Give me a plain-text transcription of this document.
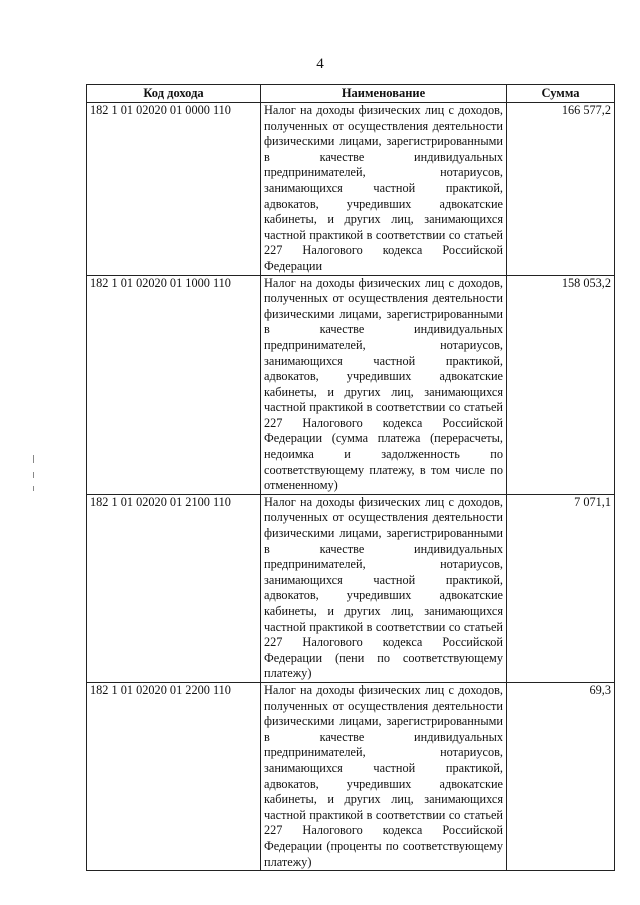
4
Код дохода	Наименование	Сумма
182 1 01 02020 01 0000 110	Налог на доходы физических лиц с доходов, полученных от осуществления деятельности физическими лицами, зарегистрированными в качестве индивидуальных предпринимателей, нотариусов, занимающихся частной практикой, адвокатов, учредивших адвокатские кабинеты, и других лиц, занимающихся частной практикой в соответствии со статьей 227 Налогового кодекса Российской Федерации	166 577,2
182 1 01 02020 01 1000 110	Налог на доходы физических лиц с доходов, полученных от осуществления деятельности физическими лицами, зарегистрированными в качестве индивидуальных предпринимателей, нотариусов, занимающихся частной практикой, адвокатов, учредивших адвокатские кабинеты, и других лиц, занимающихся частной практикой в соответствии со статьей 227 Налогового кодекса Российской Федерации (сумма платежа (перерасчеты, недоимка и задолженность по соответствующему платежу, в том числе по отмененному)	158 053,2
182 1 01 02020 01 2100 110	Налог на доходы физических лиц с доходов, полученных от осуществления деятельности физическими лицами, зарегистрированными в качестве индивидуальных предпринимателей, нотариусов, занимающихся частной практикой, адвокатов, учредивших адвокатские кабинеты, и других лиц, занимающихся частной практикой в соответствии со статьей 227 Налогового кодекса Российской Федерации (пени по соответствующему платежу)	7 071,1
182 1 01 02020 01 2200 110	Налог на доходы физических лиц с доходов, полученных от осуществления деятельности физическими лицами, зарегистрированными в качестве индивидуальных предпринимателей, нотариусов, занимающихся частной практикой, адвокатов, учредивших адвокатские кабинеты, и других лиц, занимающихся частной практикой в соответствии со статьей 227 Налогового кодекса Российской Федерации (проценты по соответствующему платежу)	69,3
